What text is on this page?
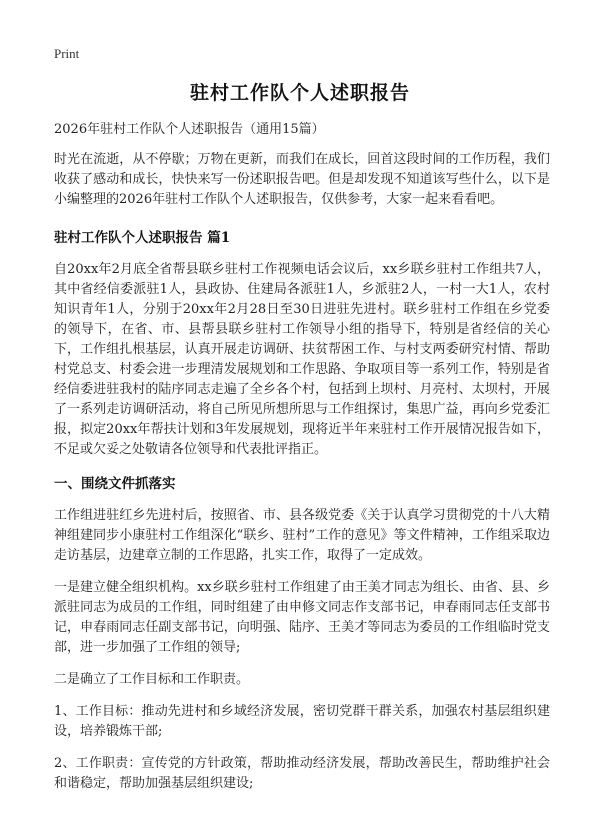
Print
驻村工作队个人述职报告

2026年驻村工作队个人述职报告（通用15篇）

时光在流逝，从不停歇；万物在更新，而我们在成长，回首这段时间的工作历程，我们收获了感动和成长，快快来写一份述职报告吧。但是却发现不知道该写些什么，以下是小编整理的2026年驻村工作队个人述职报告，仅供参考，大家一起来看看吧。

驻村工作队个人述职报告 篇1

自20xx年2月底全省帮县联乡驻村工作视频电话会议后，xx乡联乡驻村工作组共7人，其中省经信委派驻1人，县政协、住建局各派驻1人，乡派驻2人，一村一大1人，农村知识青年1人，分别于20xx年2月28日至30日进驻先进村。联乡驻村工作组在乡党委的领导下，在省、市、县帮县联乡驻村工作领导小组的指导下，特别是省经信的关心下，工作组扎根基层，认真开展走访调研、扶贫帮困工作、与村支两委研究村情、帮助村党总支、村委会进一步理清发展规划和工作思路、争取项目等一系列工作，特别是省经信委进驻我村的陆序同志走遍了全乡各个村，包括到上坝村、月亮村、太坝村，开展了一系列走访调研活动，将自己所见所想所思与工作组探讨，集思广益，再向乡党委汇报，拟定20xx年帮扶计划和3年发展规划，现将近半年来驻村工作开展情况报告如下，不足或欠妥之处敬请各位领导和代表批评指正。

一、围绕文件抓落实

工作组进驻红乡先进村后，按照省、市、县各级党委《关于认真学习贯彻党的十八大精神组建同步小康驻村工作组深化“联乡、驻村”工作的意见》等文件精神，工作组采取边走访基层，边建章立制的工作思路，扎实工作，取得了一定成效。

一是建立健全组织机构。xx乡联乡驻村工作组建了由王美才同志为组长、由省、县、乡派驻同志为成员的工作组，同时组建了由申修文同志作支部书记，申春雨同志任支部书记，申春雨同志任副支部书记，向明强、陆序、王美才等同志为委员的工作组临时党支部，进一步加强了工作组的领导;

二是确立了工作目标和工作职责。

1、工作目标：推动先进村和乡域经济发展，密切党群干群关系，加强农村基层组织建设，培养锻炼干部;

2、工作职责：宣传党的方针政策，帮助推动经济发展，帮助改善民生，帮助维护社会和谐稳定，帮助加强基层组织建设;
